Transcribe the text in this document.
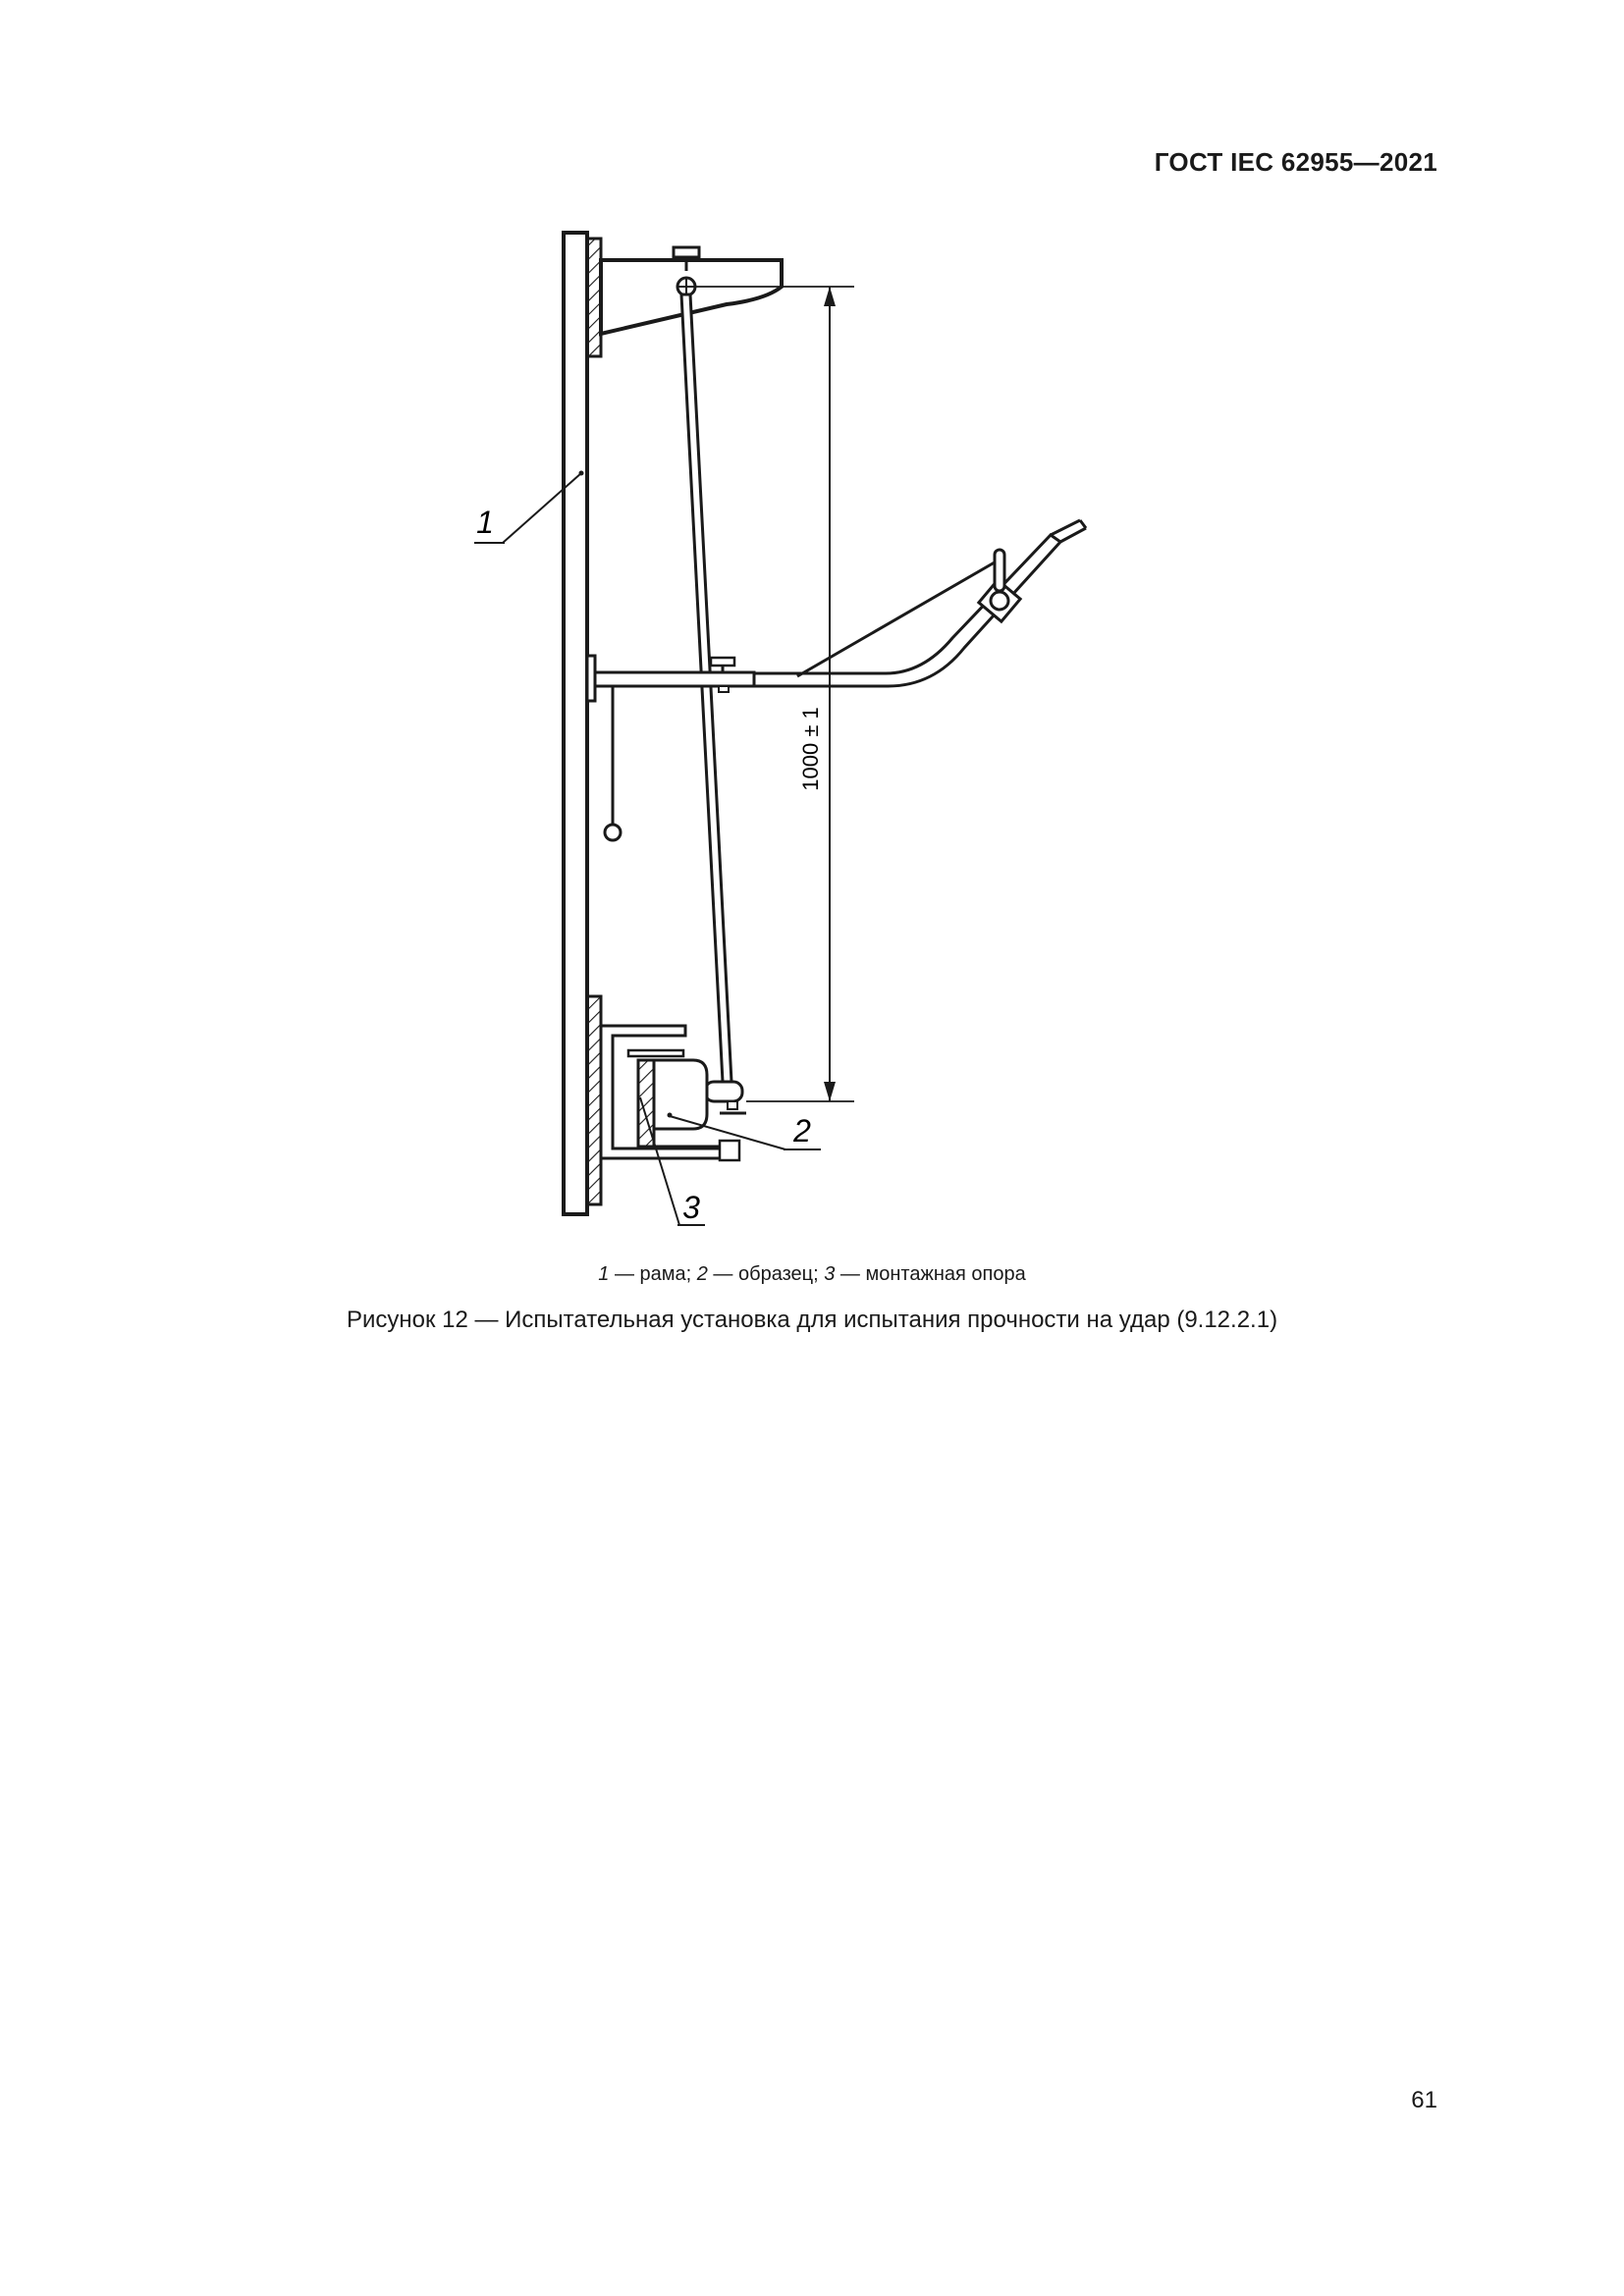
ГОСТ IEC 62955—2021
1000 ± 1
1
2
3
1 — рама; 2 — образец; 3 — монтажная опора
Рисунок 12 — Испытательная установка для испытания прочности на удар (9.12.2.1)
61
